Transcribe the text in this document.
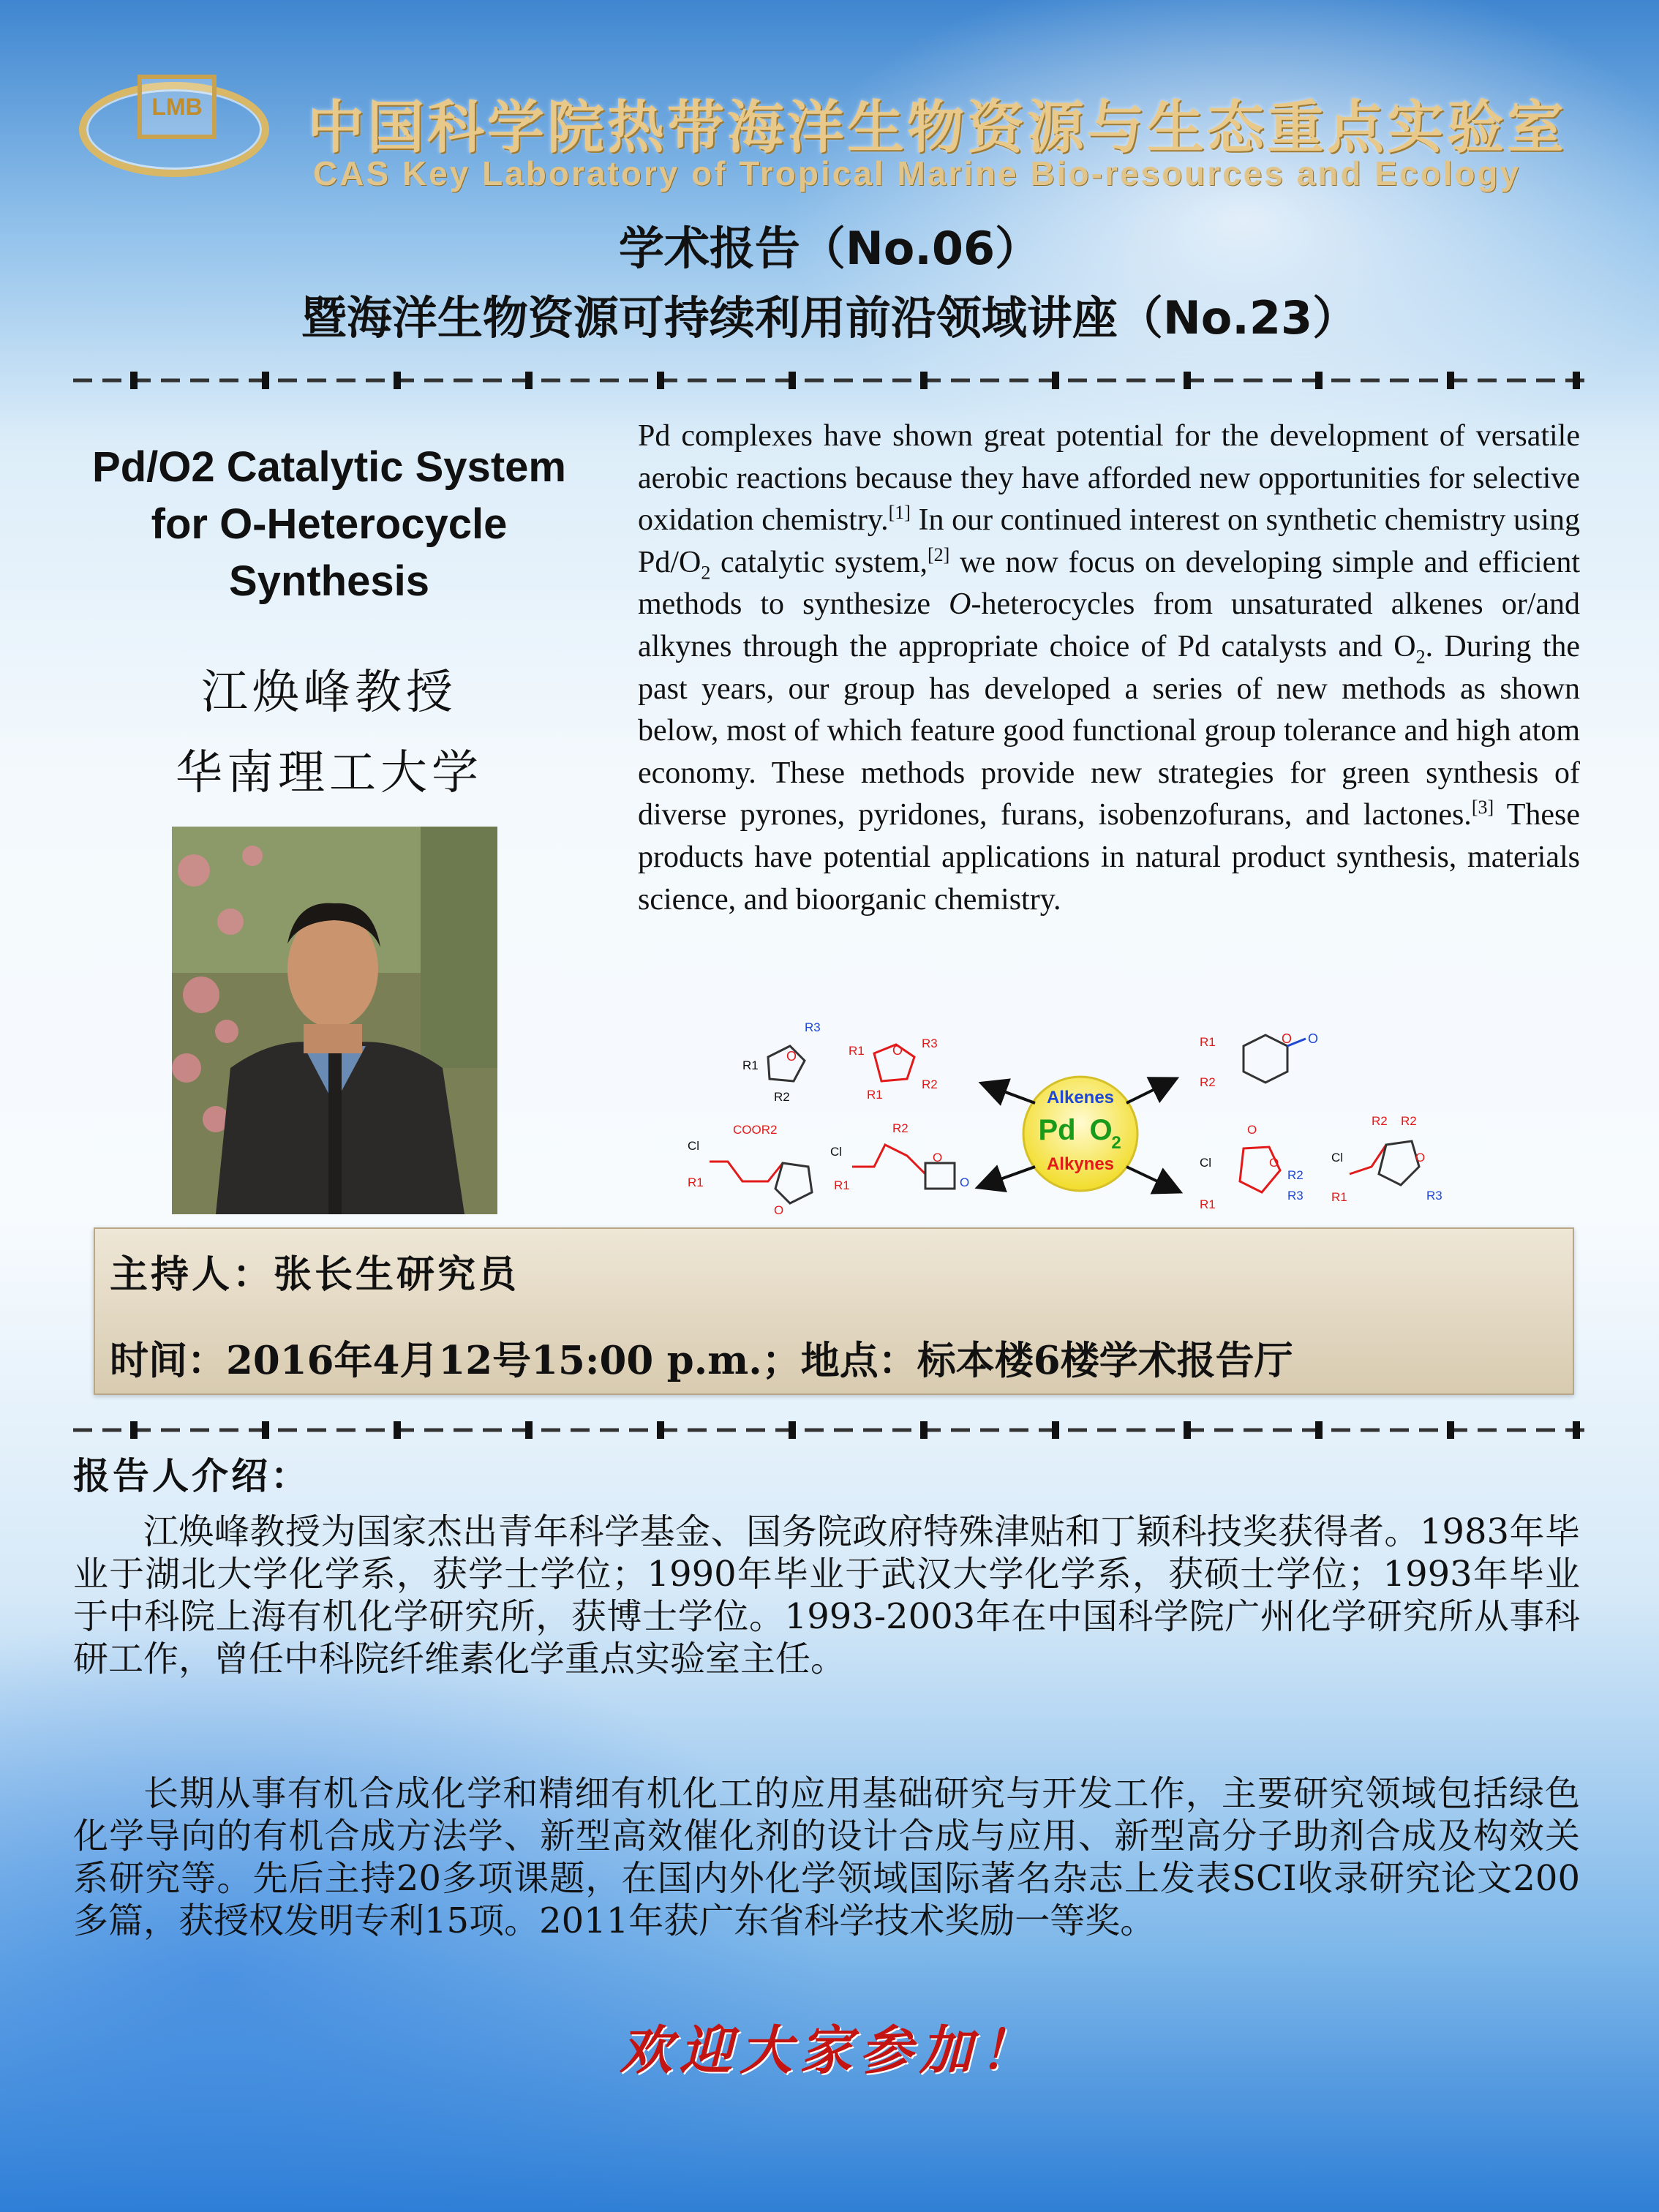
LMB 中国科学院热带海洋生物资源与生态重点实验室
CAS Key Laboratory of Tropical Marine Bio-resources and Ecology
学术报告（No.06）
暨海洋生物资源可持续利用前沿领域讲座（No.23）
Pd/O2 Catalytic System
for O-Heterocycle
Synthesis
江焕峰教授
华南理工大学
Pd complexes have shown great potential for the development of versatile aerobic reactions because they have afforded new opportunities for selective oxidation chemistry.[1] In our continued interest on synthetic chemistry using $Pd/O_2$ catalytic system,[2] we now focus on developing simple and efficient methods to synthesize O-heterocycles from unsaturated alkenes or/and alkynes through the appropriate choice of Pd catalysts and $O_2$. During the past years, our group has developed a series of new methods as shown below, most of which feature good functional group tolerance and high atom economy. These methods provide new strategies for green synthesis of diverse pyrones, pyridones, furans, isobenzofurans, and lactones.[3] These products have potential applications in natural product synthesis, materials science, and bioorganic chemistry.
Alkenes
Pd O
2
Alkynes
O
R3
R1
R2
O
R1
R3
R2
R1
O O
R1
R2
Cl
COOR2
R1
O
Cl
R2
R1
O
O
O
Cl
R1
O
R2
R3
R2 R2
Cl
R1
O
R3
主持人：张长生研究员
时间：2016年4月12号15:00 p.m.；地点：标本楼6楼学术报告厅
报告人介绍：
江焕峰教授为国家杰出青年科学基金、国务院政府特殊津贴和丁颖科技奖获得者。1983年毕业于湖北大学化学系，获学士学位；1990年毕业于武汉大学化学系，获硕士学位；1993年毕业于中科院上海有机化学研究所，获博士学位。1993-2003年在中国科学院广州化学研究所从事科研工作，曾任中科院纤维素化学重点实验室主任。
长期从事有机合成化学和精细有机化工的应用基础研究与开发工作，主要研究领域包括绿色化学导向的有机合成方法学、新型高效催化剂的设计合成与应用、新型高分子助剂合成及构效关系研究等。先后主持20多项课题，在国内外化学领域国际著名杂志上发表SCI收录研究论文200多篇，获授权发明专利15项。2011年获广东省科学技术奖励一等奖。
欢迎大家参加！
